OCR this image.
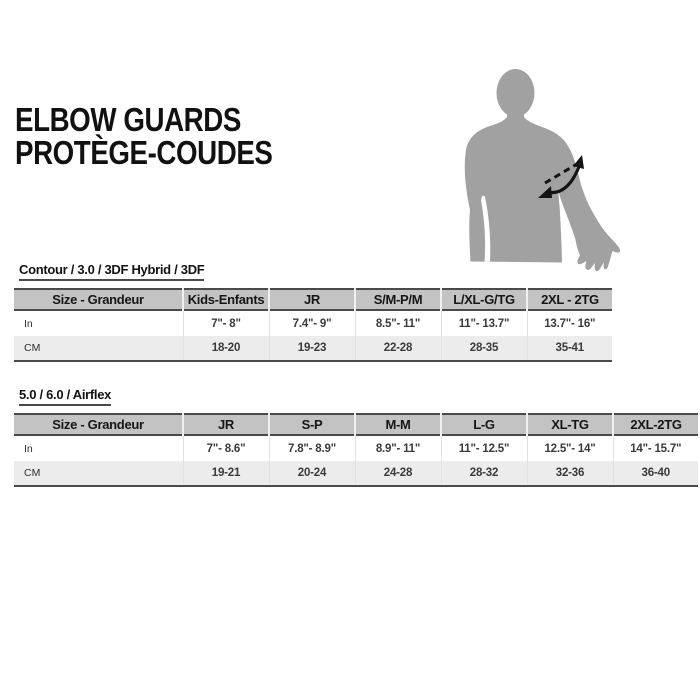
ELBOW GUARDS
PROTÈGE-COUDES
Contour / 3.0 / 3DF Hybrid / 3DF
Size - Grandeur	Kids-Enfants	JR	S/M-P/M	L/XL-G/TG	2XL - 2TG
In	7"- 8"	7.4"- 9"	8.5"- 11"	11"- 13.7"	13.7"- 16"
CM	18-20	19-23	22-28	28-35	35-41
5.0 / 6.0 / Airflex
Size - Grandeur	JR	S-P	M-M	L-G	XL-TG	2XL-2TG
In	7"- 8.6"	7.8"- 8.9"	8.9"- 11"	11"- 12.5"	12.5"- 14"	14"- 15.7"
CM	19-21	20-24	24-28	28-32	32-36	36-40
